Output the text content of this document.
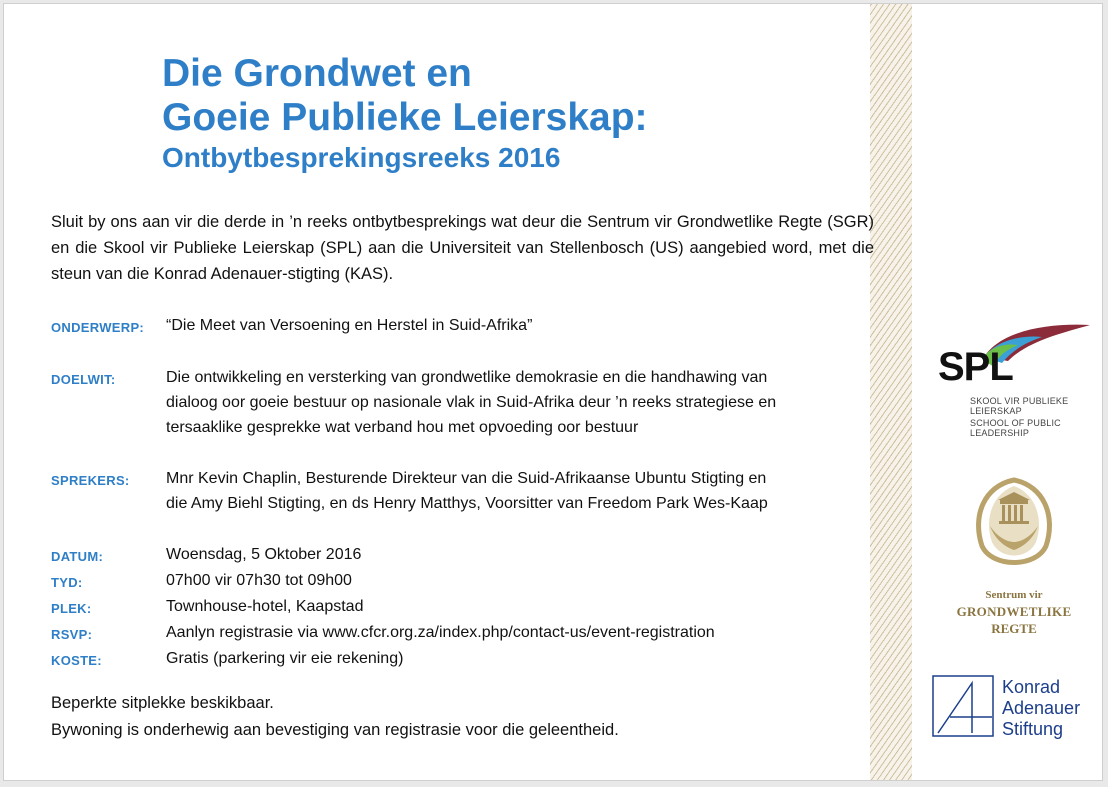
Die Grondwet en
Goeie Publieke Leierskap:
Ontbytbesprekingsreeks 2016

Sluit by ons aan vir die derde in ’n reeks ontbytbesprekings wat deur die Sentrum vir Grondwetlike Regte (SGR) en die Skool vir Publieke Leierskap (SPL) aan die Universiteit van Stellenbosch (US) aangebied word, met die steun van die Konrad Adenauer-stigting (KAS).

ONDERWERP: “Die Meet van Versoening en Herstel in Suid-Afrika”
DOELWIT:	Die ontwikkeling en versterking van grondwetlike demokrasie en die handhawing van
dialoog oor goeie bestuur op nasionale vlak in Suid-Afrika deur ’n reeks strategiese en
tersaaklike gesprekke wat verband hou met opvoeding oor bestuur
SPREKERS: Mnr Kevin Chaplin, Besturende Direkteur van die Suid-Afrikaanse Ubuntu Stigting en
die Amy Biehl Stigting, en ds Henry Matthys, Voorsitter van Freedom Park Wes-Kaap
DATUM:	Woensdag, 5 Oktober 2016
TYD:	07h00 vir 07h30 tot 09h00
PLEK:	Townhouse-hotel, Kaapstad
RSVP:	Aanlyn registrasie via www.cfcr.org.za/index.php/contact-us/event-registration
KOSTE:	Gratis (parkering vir eie rekening)
Beperkte sitplekke beskikbaar.
Bywoning is onderhewig aan bevestiging van registrasie voor die geleentheid.
SPL
SKOOL VIR PUBLIEKE
LEIERSKAP
SCHOOL OF PUBLIC
LEADERSHIP
Sentrum vir
GRONDWETLIKE
REGTE
Konrad
Adenauer
Stiftung
